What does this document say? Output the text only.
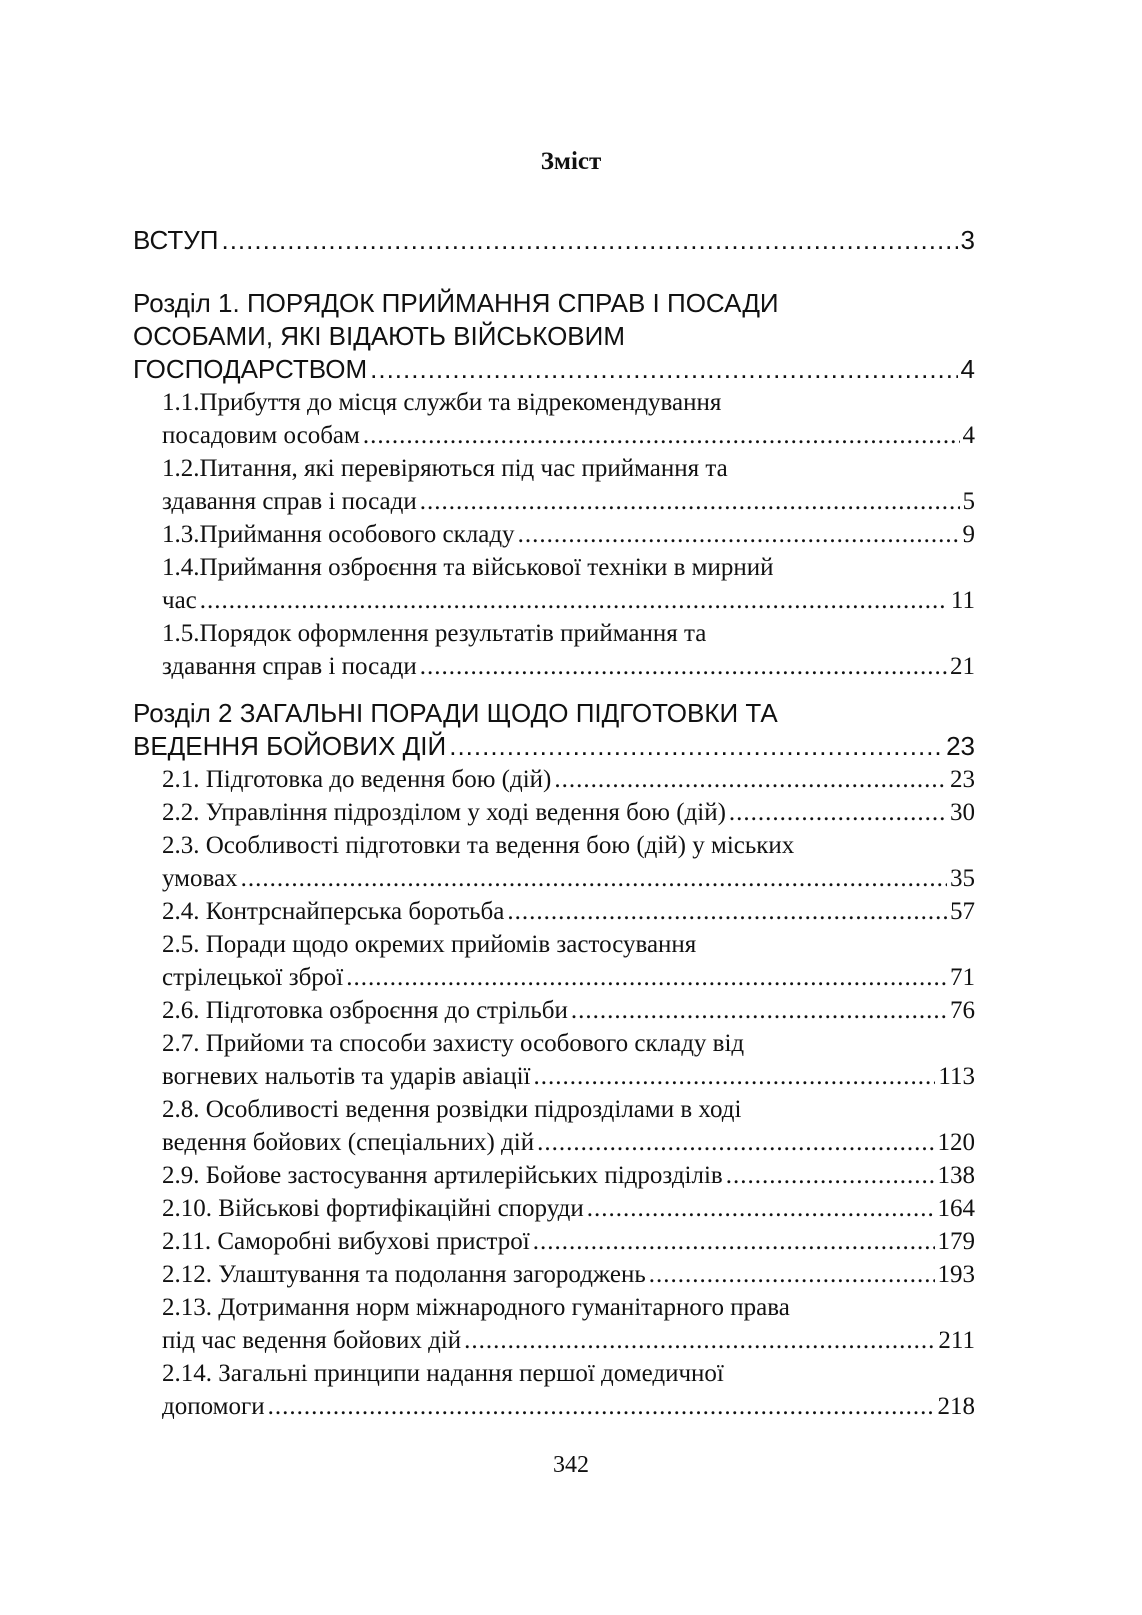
Зміст
ВСТУП .....	3
Розділ 1. ПОРЯДОК ПРИЙМАННЯ СПРАВ І ПОСАДИ
ОСОБАМИ, ЯКІ ВІДАЮТЬ ВІЙСЬКОВИМ
ГОСПОДАРСТВОМ .....	4
1.1.Прибуття до місця служби та відрекомендування
посадовим особам .....	4
1.2.Питання, які перевіряються під час приймання та
здавання справ і посади .....	5
1.3.Приймання особового складу .....	9
1.4.Приймання озброєння та військової техніки в мирний
час .....	11
1.5.Порядок оформлення результатів приймання та
здавання справ і посади .....	21
Розділ 2 ЗАГАЛЬНІ ПОРАДИ ЩОДО ПІДГОТОВКИ ТА
ВЕДЕННЯ БОЙОВИХ ДІЙ .....	23
2.1. Підготовка до ведення бою (дій) .....	23
2.2. Управління підрозділом у ході ведення бою (дій) .....	30
2.3. Особливості підготовки та ведення бою (дій) у міських
умовах .....	35
2.4. Контрснайперська боротьба .....	57
2.5. Поради щодо окремих прийомів застосування
стрілецької зброї .....	71
2.6. Підготовка озброєння до стрільби .....	76
2.7. Прийоми та способи захисту особового складу від
вогневих нальотів та ударів авіації .....	113
2.8. Особливості ведення розвідки підрозділами в ході
ведення бойових (спеціальних) дій .....	120
2.9. Бойове застосування артилерійських підрозділів .....	138
2.10. Військові фортифікаційні споруди .....	164
2.11. Саморобні вибухові пристрої .....	179
2.12. Улаштування та подолання загороджень .....	193
2.13. Дотримання норм міжнародного гуманітарного права
під час ведення бойових дій .....	211
2.14. Загальні принципи надання першої домедичної
допомоги .....	218
342
